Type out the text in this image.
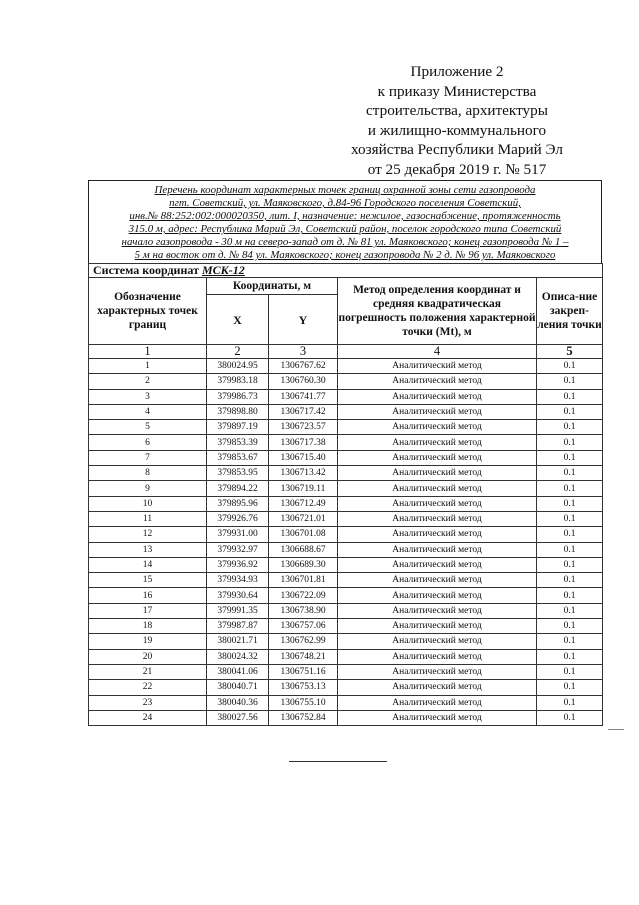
Приложение 2
к приказу Министерства
строительства, архитектуры
и жилищно-коммунального
хозяйства Республики Марий Эл
от 25 декабря 2019 г. № 517
Перечень координат характерных точек границ охранной зоны сети газопровода
пгт. Советский, ул. Маяковского, д.84-96 Городского поселения Советский,
инв.№ 88:252:002:000020350, лит. I, назначение: нежилое, газоснабжение, протяженность
315.0 м, адрес: Республика Марий Эл, Советский район, поселок городского типа Советский
начало газопровода - 30 м на северо-запад от д. № 81 ул. Маяковского; конец газопровода № 1 –
5 м на восток от д. № 84 ул. Маяковского; конец газопровода № 2 д. № 96 ул. Маяковского
Система координат МСК-12				
Обозначение характерных точек границ	Координаты, м		Метод определения координат и средняя квадратическая погрешность положения характерной точки (Mt), м	Описа-ние закреп-ления точки
	X	Y		
1	2	3	4	5
1	380024.95	1306767.62	Аналитический метод	0.1
2	379983.18	1306760.30	Аналитический метод	0.1
3	379986.73	1306741.77	Аналитический метод	0.1
4	379898.80	1306717.42	Аналитический метод	0.1
5	379897.19	1306723.57	Аналитический метод	0.1
6	379853.39	1306717.38	Аналитический метод	0.1
7	379853.67	1306715.40	Аналитический метод	0.1
8	379853.95	1306713.42	Аналитический метод	0.1
9	379894.22	1306719.11	Аналитический метод	0.1
10	379895.96	1306712.49	Аналитический метод	0.1
11	379926.76	1306721.01	Аналитический метод	0.1
12	379931.00	1306701.08	Аналитический метод	0.1
13	379932.97	1306688.67	Аналитический метод	0.1
14	379936.92	1306689.30	Аналитический метод	0.1
15	379934.93	1306701.81	Аналитический метод	0.1
16	379930.64	1306722.09	Аналитический метод	0.1
17	379991.35	1306738.90	Аналитический метод	0.1
18	379987.87	1306757.06	Аналитический метод	0.1
19	380021.71	1306762.99	Аналитический метод	0.1
20	380024.32	1306748.21	Аналитический метод	0.1
21	380041.06	1306751.16	Аналитический метод	0.1
22	380040.71	1306753.13	Аналитический метод	0.1
23	380040.36	1306755.10	Аналитический метод	0.1
24	380027.56	1306752.84	Аналитический метод	0.1
